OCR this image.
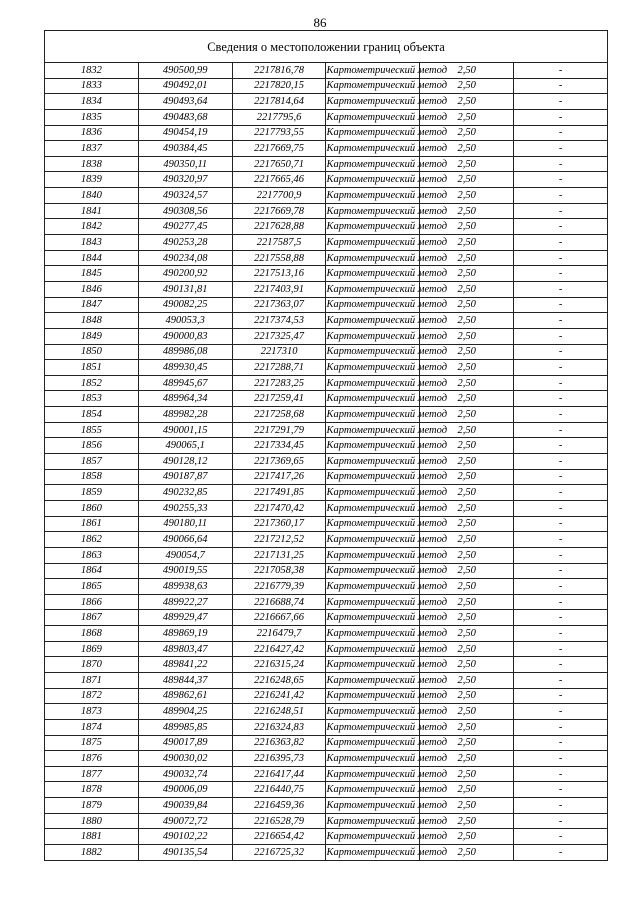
86
Сведения о местоположении границ объекта					
1832	490500,99	2217816,78	Картометрический метод	2,50	-
1833	490492,01	2217820,15	Картометрический метод	2,50	-
1834	490493,64	2217814,64	Картометрический метод	2,50	-
1835	490483,68	2217795,6	Картометрический метод	2,50	-
1836	490454,19	2217793,55	Картометрический метод	2,50	-
1837	490384,45	2217669,75	Картометрический метод	2,50	-
1838	490350,11	2217650,71	Картометрический метод	2,50	-
1839	490320,97	2217665,46	Картометрический метод	2,50	-
1840	490324,57	2217700,9	Картометрический метод	2,50	-
1841	490308,56	2217669,78	Картометрический метод	2,50	-
1842	490277,45	2217628,88	Картометрический метод	2,50	-
1843	490253,28	2217587,5	Картометрический метод	2,50	-
1844	490234,08	2217558,88	Картометрический метод	2,50	-
1845	490200,92	2217513,16	Картометрический метод	2,50	-
1846	490131,81	2217403,91	Картометрический метод	2,50	-
1847	490082,25	2217363,07	Картометрический метод	2,50	-
1848	490053,3	2217374,53	Картометрический метод	2,50	-
1849	490000,83	2217325,47	Картометрический метод	2,50	-
1850	489986,08	2217310	Картометрический метод	2,50	-
1851	489930,45	2217288,71	Картометрический метод	2,50	-
1852	489945,67	2217283,25	Картометрический метод	2,50	-
1853	489964,34	2217259,41	Картометрический метод	2,50	-
1854	489982,28	2217258,68	Картометрический метод	2,50	-
1855	490001,15	2217291,79	Картометрический метод	2,50	-
1856	490065,1	2217334,45	Картометрический метод	2,50	-
1857	490128,12	2217369,65	Картометрический метод	2,50	-
1858	490187,87	2217417,26	Картометрический метод	2,50	-
1859	490232,85	2217491,85	Картометрический метод	2,50	-
1860	490255,33	2217470,42	Картометрический метод	2,50	-
1861	490180,11	2217360,17	Картометрический метод	2,50	-
1862	490066,64	2217212,52	Картометрический метод	2,50	-
1863	490054,7	2217131,25	Картометрический метод	2,50	-
1864	490019,55	2217058,38	Картометрический метод	2,50	-
1865	489938,63	2216779,39	Картометрический метод	2,50	-
1866	489922,27	2216688,74	Картометрический метод	2,50	-
1867	489929,47	2216667,66	Картометрический метод	2,50	-
1868	489869,19	2216479,7	Картометрический метод	2,50	-
1869	489803,47	2216427,42	Картометрический метод	2,50	-
1870	489841,22	2216315,24	Картометрический метод	2,50	-
1871	489844,37	2216248,65	Картометрический метод	2,50	-
1872	489862,61	2216241,42	Картометрический метод	2,50	-
1873	489904,25	2216248,51	Картометрический метод	2,50	-
1874	489985,85	2216324,83	Картометрический метод	2,50	-
1875	490017,89	2216363,82	Картометрический метод	2,50	-
1876	490030,02	2216395,73	Картометрический метод	2,50	-
1877	490032,74	2216417,44	Картометрический метод	2,50	-
1878	490006,09	2216440,75	Картометрический метод	2,50	-
1879	490039,84	2216459,36	Картометрический метод	2,50	-
1880	490072,72	2216528,79	Картометрический метод	2,50	-
1881	490102,22	2216654,42	Картометрический метод	2,50	-
1882	490135,54	2216725,32	Картометрический метод	2,50	-
